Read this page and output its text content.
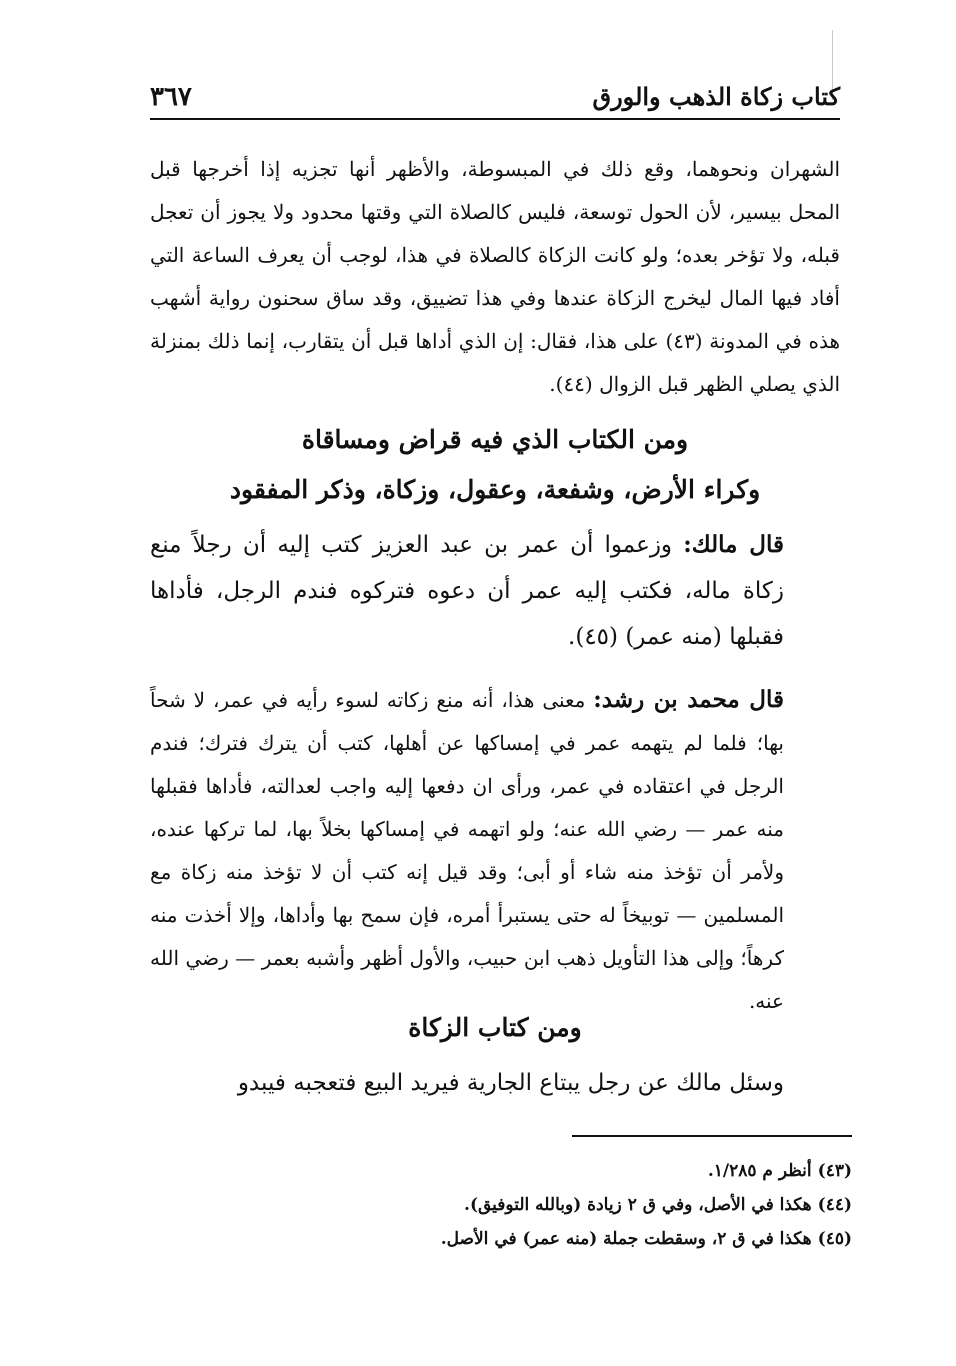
كتاب زكاة الذهب والورق
٣٦٧

الشهران ونحوهما، وقع ذلك في المبسوطة، والأظهر أنها تجزيه إذا أخرجها قبل المحل بيسير، لأن الحول توسعة، فليس كالصلاة التي وقتها محدود ولا يجوز أن تعجل قبله، ولا تؤخر بعده؛ ولو كانت الزكاة كالصلاة في هذا، لوجب أن يعرف الساعة التي أفاد فيها المال ليخرج الزكاة عندها وفي هذا تضييق، وقد ساق سحنون رواية أشهب هذه في المدونة (٤٣) على هذا، فقال: إن الذي أداها قبل أن يتقارب، إنما ذلك بمنزلة الذي يصلي الظهر قبل الزوال (٤٤).

ومن الكتاب الذي فيه قراض ومساقاة
وكراء الأرض، وشفعة، وعقول، وزكاة، وذكر المفقود

قال مالك: وزعموا أن عمر بن عبد العزيز كتب إليه أن رجلاً منع زكاة ماله، فكتب إليه عمر أن دعوه فتركوه فندم الرجل، فأداها فقبلها (منه عمر) (٤٥).

قال محمد بن رشد: معنى هذا، أنه منع زكاته لسوء رأيه في عمر، لا شحاً بها؛ فلما لم يتهمه عمر في إمساكها عن أهلها، كتب أن يترك فترك؛ فندم الرجل في اعتقاده في عمر، ورأى ان دفعها إليه واجب لعدالته، فأداها فقبلها منه عمر — رضي الله عنه؛ ولو اتهمه في إمساكها بخلاً بها، لما تركها عنده، ولأمر أن تؤخذ منه شاء أو أبى؛ وقد قيل إنه كتب أن لا تؤخذ منه زكاة مع المسلمين — توبيخاً له حتى يستبرأ أمره، فإن سمح بها وأداها، وإلا أخذت منه كرهاً؛ وإلى هذا التأويل ذهب ابن حبيب، والأول أظهر وأشبه بعمر — رضي الله عنه.

ومن كتاب الزكاة

وسئل مالك عن رجل يبتاع الجارية فيريد البيع فتعجبه فيبدو

(٤٣)أنظر م ١/٢٨٥.

(٤٤)هكذا في الأصل، وفي ق ٢ زيادة (وبالله التوفيق).

(٤٥)هكذا في ق ٢، وسقطت جملة (منه عمر) في الأصل.
